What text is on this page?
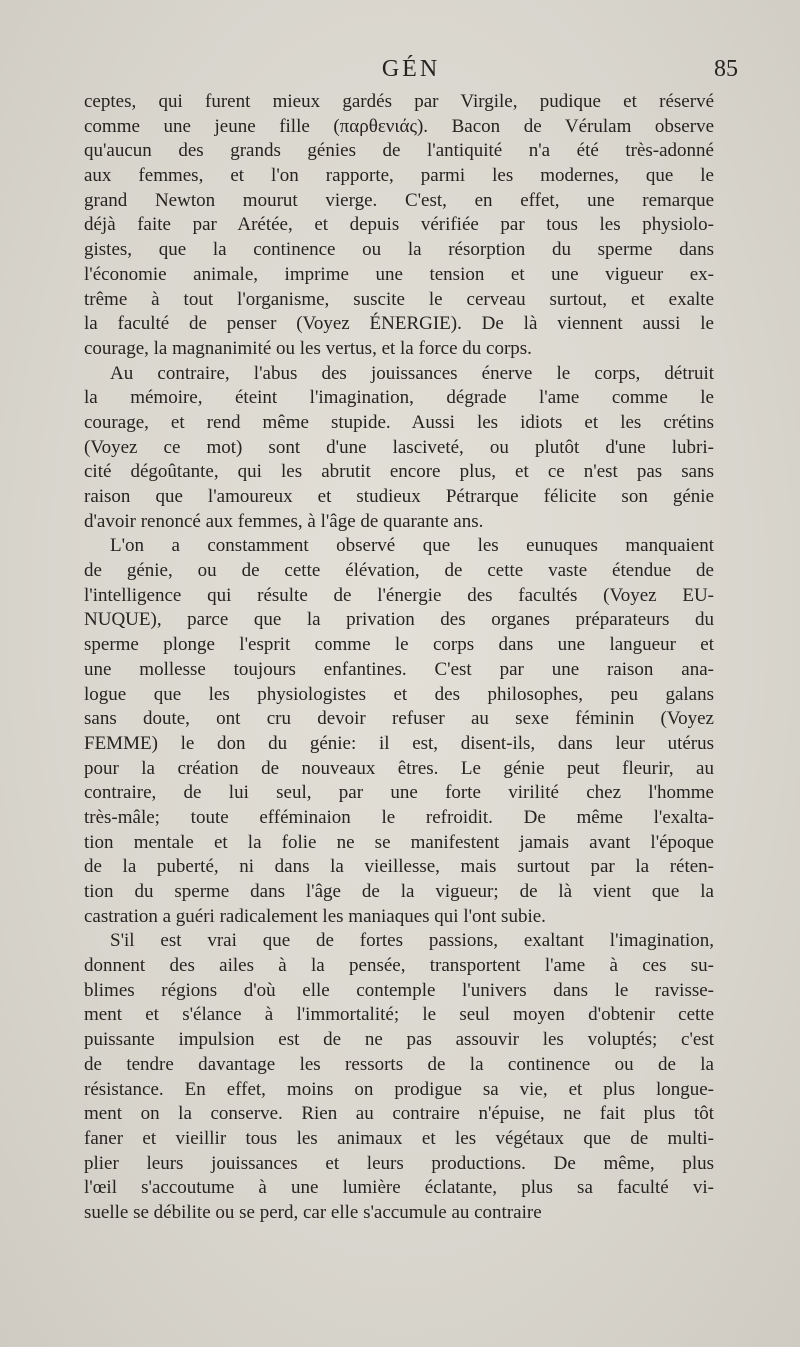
GÉN	85
ceptes, qui furent mieux gardés par Virgile, pudique et réservé
comme une jeune fille (παρθενιάς). Bacon de Vérulam observe
qu'aucun des grands génies de l'antiquité n'a été très-adonné
aux femmes, et l'on rapporte, parmi les modernes, que le
grand Newton mourut vierge. C'est, en effet, une remarque
déjà faite par Arétée, et depuis vérifiée par tous les physiolo-
gistes, que la continence ou la résorption du sperme dans
l'économie animale, imprime une tension et une vigueur ex-
trême à tout l'organisme, suscite le cerveau surtout, et exalte
la faculté de penser (Voyez ÉNERGIE). De là viennent aussi le
courage, la magnanimité ou les vertus, et la force du corps.
Au contraire, l'abus des jouissances énerve le corps, détruit
la mémoire, éteint l'imagination, dégrade l'ame comme le
courage, et rend même stupide. Aussi les idiots et les crétins
(Voyez ce mot) sont d'une lasciveté, ou plutôt d'une lubri-
cité dégoûtante, qui les abrutit encore plus, et ce n'est pas sans
raison que l'amoureux et studieux Pétrarque félicite son génie
d'avoir renoncé aux femmes, à l'âge de quarante ans.
L'on a constamment observé que les eunuques manquaient
de génie, ou de cette élévation, de cette vaste étendue de
l'intelligence qui résulte de l'énergie des facultés (Voyez EU-
NUQUE), parce que la privation des organes préparateurs du
sperme plonge l'esprit comme le corps dans une langueur et
une mollesse toujours enfantines. C'est par une raison ana-
logue que les physiologistes et des philosophes, peu galans
sans doute, ont cru devoir refuser au sexe féminin (Voyez
FEMME) le don du génie: il est, disent-ils, dans leur utérus
pour la création de nouveaux êtres. Le génie peut fleurir, au
contraire, de lui seul, par une forte virilité chez l'homme
très-mâle; toute efféminaion le refroidit. De même l'exalta-
tion mentale et la folie ne se manifestent jamais avant l'époque
de la puberté, ni dans la vieillesse, mais surtout par la réten-
tion du sperme dans l'âge de la vigueur; de là vient que la
castration a guéri radicalement les maniaques qui l'ont subie.
S'il est vrai que de fortes passions, exaltant l'imagination,
donnent des ailes à la pensée, transportent l'ame à ces su-
blimes régions d'où elle contemple l'univers dans le ravisse-
ment et s'élance à l'immortalité; le seul moyen d'obtenir cette
puissante impulsion est de ne pas assouvir les voluptés; c'est
de tendre davantage les ressorts de la continence ou de la
résistance. En effet, moins on prodigue sa vie, et plus longue-
ment on la conserve. Rien au contraire n'épuise, ne fait plus tôt
faner et vieillir tous les animaux et les végétaux que de multi-
plier leurs jouissances et leurs productions. De même, plus
l'œil s'accoutume à une lumière éclatante, plus sa faculté vi-
suelle se débilite ou se perd, car elle s'accumule au contraire
